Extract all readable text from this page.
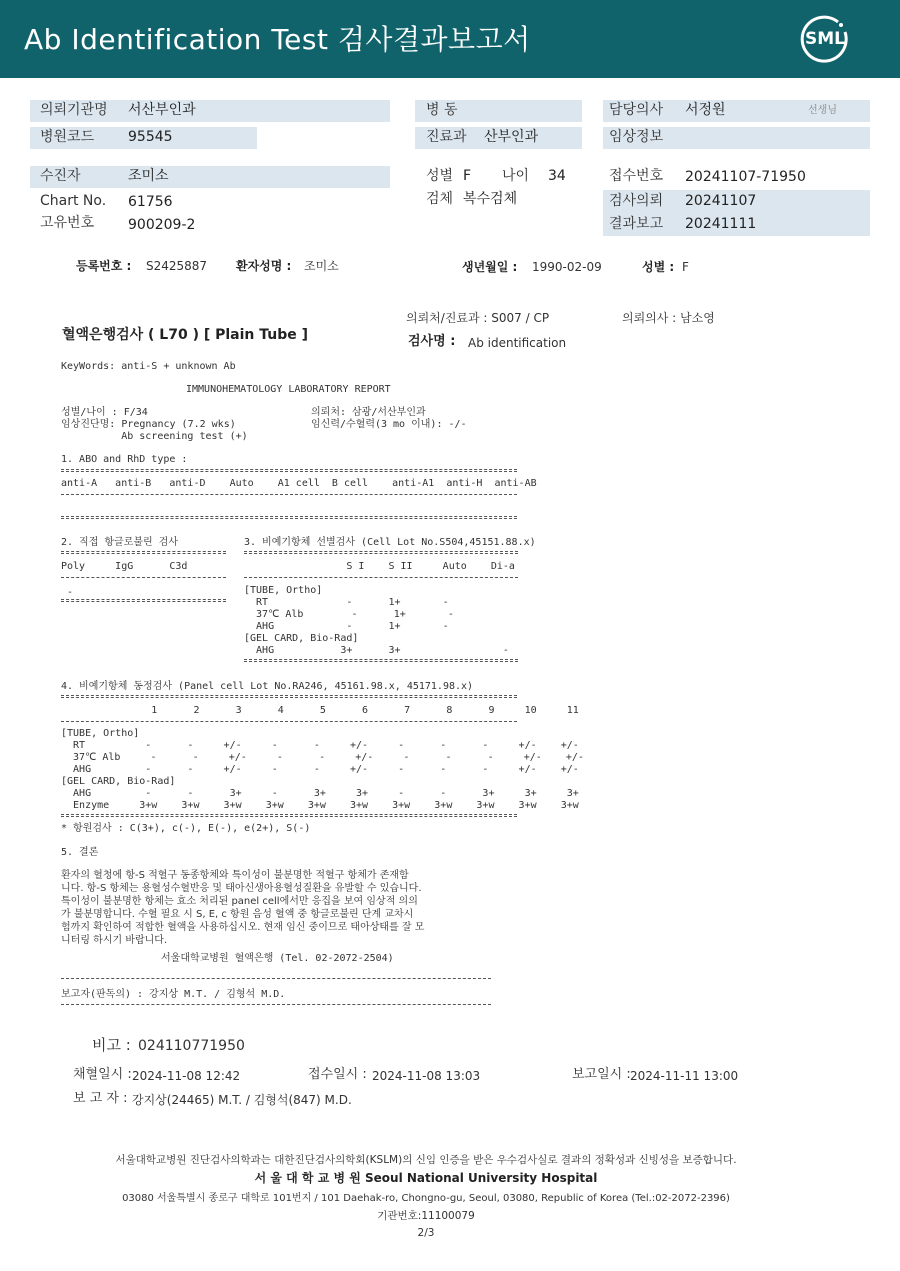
Ab Identification Test 검사결과보고서	SML
의뢰기관명 서산부인과
병원코드 95545
수진자	조미소
Chart No. 61756
고유번호 900209-2
병 동
진료과 산부인과
성별 F 나이 34
검체 복수검체
담당의사 서정원	선생님
임상정보
접수번호 20241107-71950
검사의뢰 20241107
결과보고 20241111
등록번호 : S2425887 환자성명 : 조미소	생년월일 : 1990-02-09	성별 : F
의뢰처/진료과 : S007 / CP	의뢰의사 : 남소영
혈액은행검사 ( L70 ) [ Plain Tube ]	검사명 : Ab identification
KeyWords: anti-S + unknown Ab
IMMUNOHEMATOLOGY LABORATORY REPORT
성별/나이 : F/34
임상진단명: Pregnancy (7.2 wks)
Ab screening test (+)
의뢰처: 삼광/서산부인과
임신력/수혈력(3 mo 이내): -/-
1. ABO and RhD type :
anti-A   anti-B   anti-D    Auto    A1 cell  B cell    anti-A1  anti-H  anti-AB
2. 직접 항글로불린 검사
Poly     IgG      C3d
-
3. 비예기항체 선별검사 (Cell Lot No.S504,45151.88.x)
S I    S II     Auto    Di-a
[TUBE, Ortho]
RT             -      1+       -
37℃ Alb        -      1+       -
AHG            -      1+       -
[GEL CARD, Bio-Rad]
AHG           3+      3+                 -
4. 비예기항체 동정검사 (Panel cell Lot No.RA246, 45161.98.x, 45171.98.x)
1      2      3      4      5      6      7      8      9     10     11
[TUBE, Ortho]
RT          -      -     +/-     -      -     +/-     -      -      -     +/-    +/-
37℃ Alb     -      -     +/-     -      -     +/-     -      -      -     +/-    +/-
AHG         -      -     +/-     -      -     +/-     -      -      -     +/-    +/-
[GEL CARD, Bio-Rad]
AHG         -      -      3+     -      3+     3+     -      -      3+     3+     3+
Enzyme     3+w    3+w    3+w    3+w    3+w    3+w    3+w    3+w    3+w    3+w    3+w
* 항원검사 : C(3+), c(-), E(-), e(2+), S(-)
5. 결론
환자의 혈청에 항-S 적혈구 동종항체와 특이성이 불분명한 적혈구 항체가 존재함
니다. 항-S 항체는 용혈성수혈반응 및 태아신생아용혈성질환을 유발할 수 있습니다.
특이성이 불분명한 항체는 효소 처리된 panel cell에서만 응집을 보여 임상적 의의
가 불분명합니다. 수혈 필요 시 S, E, c 항원 음성 혈액 중 항글로불린 단계 교차시
험까지 확인하여 적합한 혈액을 사용하십시오. 현재 임신 중이므로 태아상태를 잘 모
니터링 하시기 바랍니다.
서울대학교병원 혈액은행 (Tel. 02-2072-2504)
보고자(판독의) : 강지상 M.T. / 김형석 M.D.
비고 : 024110771950
채혈일시 : 2024-11-08 12:42	접수일시 : 2024-11-08 13:03	보고일시 : 2024-11-11 13:00
보 고 자 : 강지상(24465) M.T. / 김형석(847) M.D.
서울대학교병원 진단검사의학과는 대한진단검사의학회(KSLM)의 신임 인증을 받은 우수검사실로 결과의 정확성과 신빙성을 보증합니다.
서 울 대 학 교 병 원 Seoul National University Hospital
03080 서울특별시 종로구 대학로 101번지 / 101 Daehak-ro, Chongno-gu, Seoul, 03080, Republic of Korea (Tel.:02-2072-2396)
기관번호:11100079
2/3
